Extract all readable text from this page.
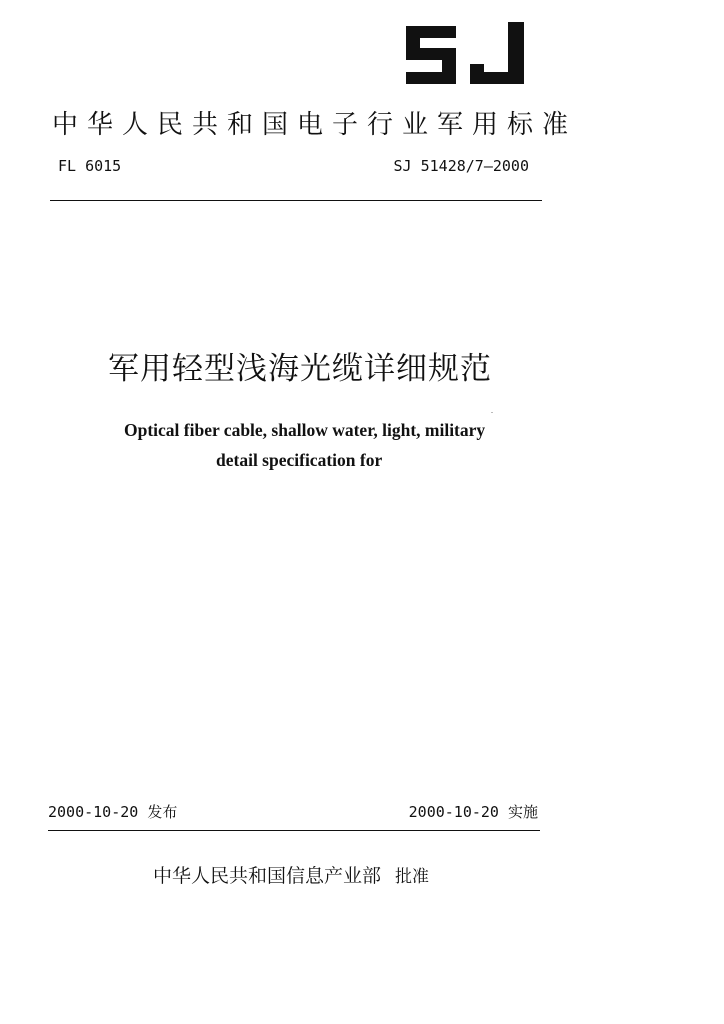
中华人民共和国电子行业军用标准
FL 6015	SJ 51428/7—2000
军用轻型浅海光缆详细规范
Optical fiber cable, shallow water, light, military
detail specification for
2000-10-20 发布	2000-10-20 实施
中华人民共和国信息产业部 批准
